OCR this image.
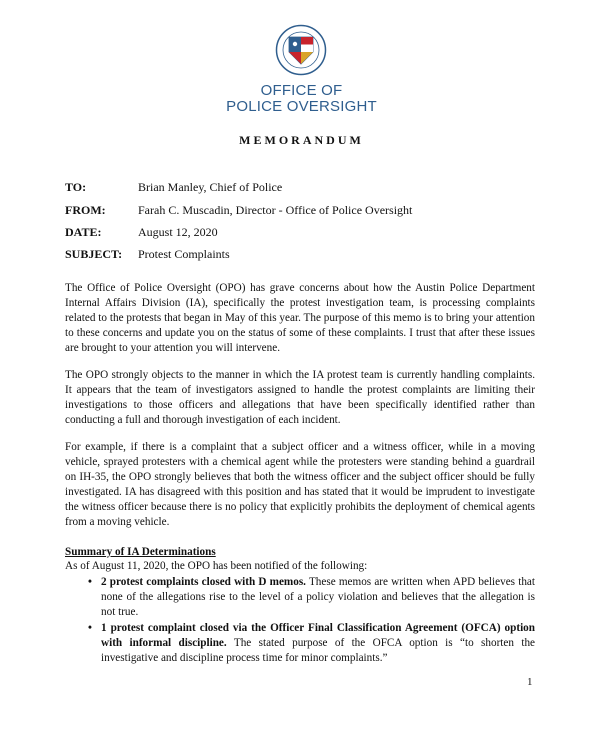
OFFICE OF
POLICE OVERSIGHT
MEMORANDUM
TO:	Brian Manley, Chief of Police
FROM:	Farah C. Muscadin, Director - Office of Police Oversight
DATE:	August 12, 2020
SUBJECT: Protest Complaints
The Office of Police Oversight (OPO) has grave concerns about how the Austin Police Department Internal Affairs Division (IA), specifically the protest investigation team, is processing complaints related to the protests that began in May of this year. The purpose of this memo is to bring your attention to these concerns and update you on the status of some of these complaints. I trust that after these issues are brought to your attention you will intervene.
The OPO strongly objects to the manner in which the IA protest team is currently handling complaints. It appears that the team of investigators assigned to handle the protest complaints are limiting their investigations to those officers and allegations that have been specifically identified rather than conducting a full and thorough investigation of each incident.
For example, if there is a complaint that a subject officer and a witness officer, while in a moving vehicle, sprayed protesters with a chemical agent while the protesters were standing behind a guardrail on IH-35, the OPO strongly believes that both the witness officer and the subject officer should be fully investigated. IA has disagreed with this position and has stated that it would be imprudent to investigate the witness officer because there is no policy that explicitly prohibits the deployment of chemical agents from a moving vehicle.
Summary of IA Determinations
As of August 11, 2020, the OPO has been notified of the following:
• 2 protest complaints closed with D memos. These memos are written when APD believes that none of the allegations rise to the level of a policy violation and believes that the allegation is not true.
• 1 protest complaint closed via the Officer Final Classification Agreement (OFCA) option with informal discipline. The stated purpose of the OFCA option is “to shorten the investigative and discipline process time for minor complaints.”
1
